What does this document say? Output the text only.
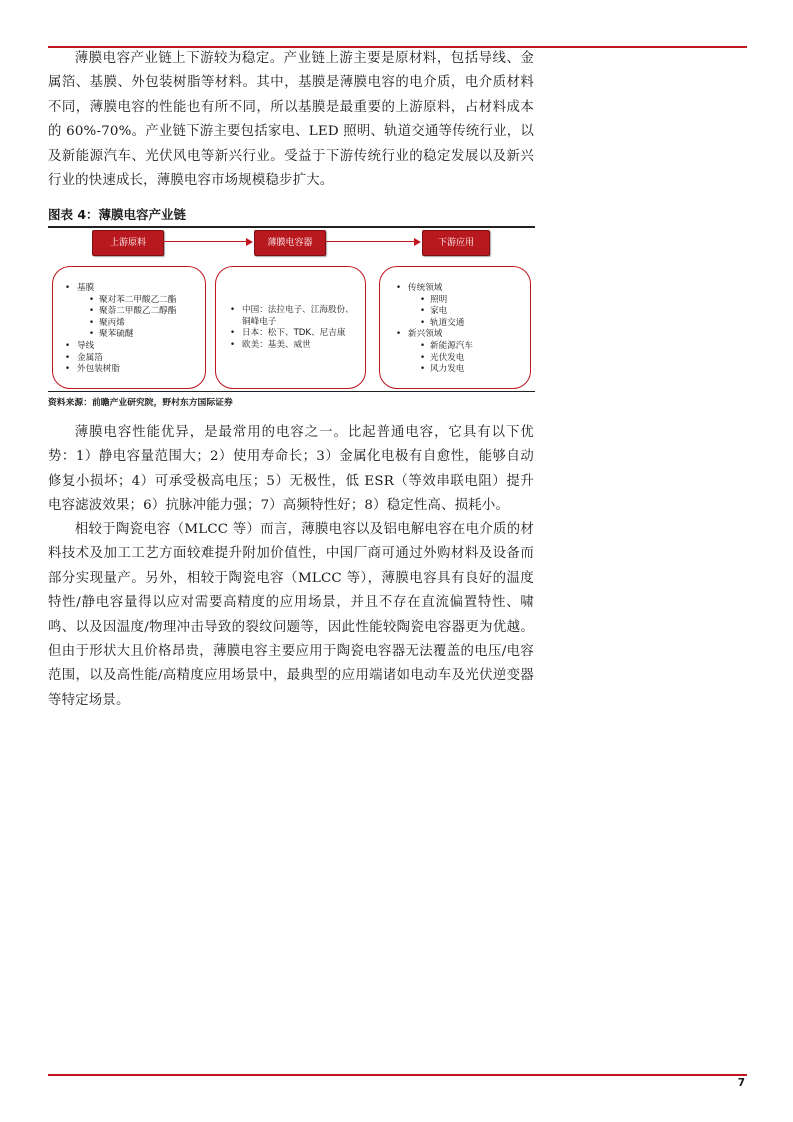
薄膜电容产业链上下游较为稳定。产业链上游主要是原材料，包括导线、金属箔、基膜、外包装树脂等材料。其中，基膜是薄膜电容的电介质，电介质材料不同，薄膜电容的性能也有所不同，所以基膜是最重要的上游原料，占材料成本的 60%-70%。产业链下游主要包括家电、LED 照明、轨道交通等传统行业，以及新能源汽车、光伏风电等新兴行业。受益于下游传统行业的稳定发展以及新兴行业的快速成长，薄膜电容市场规模稳步扩大。

图表 4：薄膜电容产业链

上游原料	薄膜电容器	下游应用
• 基膜
• 聚对苯二甲酸乙二酯
• 聚萘二甲酸乙二醇酯
• 聚丙烯
• 聚苯硫醚
• 导线
• 金属箔
• 外包装树脂
• 中国：法拉电子、江海股份、铜峰电子
• 日本：松下、TDK、尼吉康
• 欧美：基美、威世
• 传统领域
• 照明
• 家电
• 轨道交通
• 新兴领域
• 新能源汽车
• 光伏发电
• 风力发电

资料来源：前瞻产业研究院，野村东方国际证券

薄膜电容性能优异，是最常用的电容之一。比起普通电容，它具有以下优势：1）静电容量范围大；2）使用寿命长；3）金属化电极有自愈性，能够自动修复小损坏；4）可承受极高电压；5）无极性，低 ESR（等效串联电阻）提升电容滤波效果；6）抗脉冲能力强；7）高频特性好；8）稳定性高、损耗小。

相较于陶瓷电容（MLCC 等）而言，薄膜电容以及铝电解电容在电介质的材料技术及加工工艺方面较难提升附加价值性，中国厂商可通过外购材料及设备而部分实现量产。另外，相较于陶瓷电容（MLCC 等），薄膜电容具有良好的温度特性/静电容量得以应对需要高精度的应用场景，并且不存在直流偏置特性、啸鸣、以及因温度/物理冲击导致的裂纹问题等，因此性能较陶瓷电容器更为优越。但由于形状大且价格昂贵，薄膜电容主要应用于陶瓷电容器无法覆盖的电压/电容范围，以及高性能/高精度应用场景中，最典型的应用端诸如电动车及光伏逆变器等特定场景。

7
